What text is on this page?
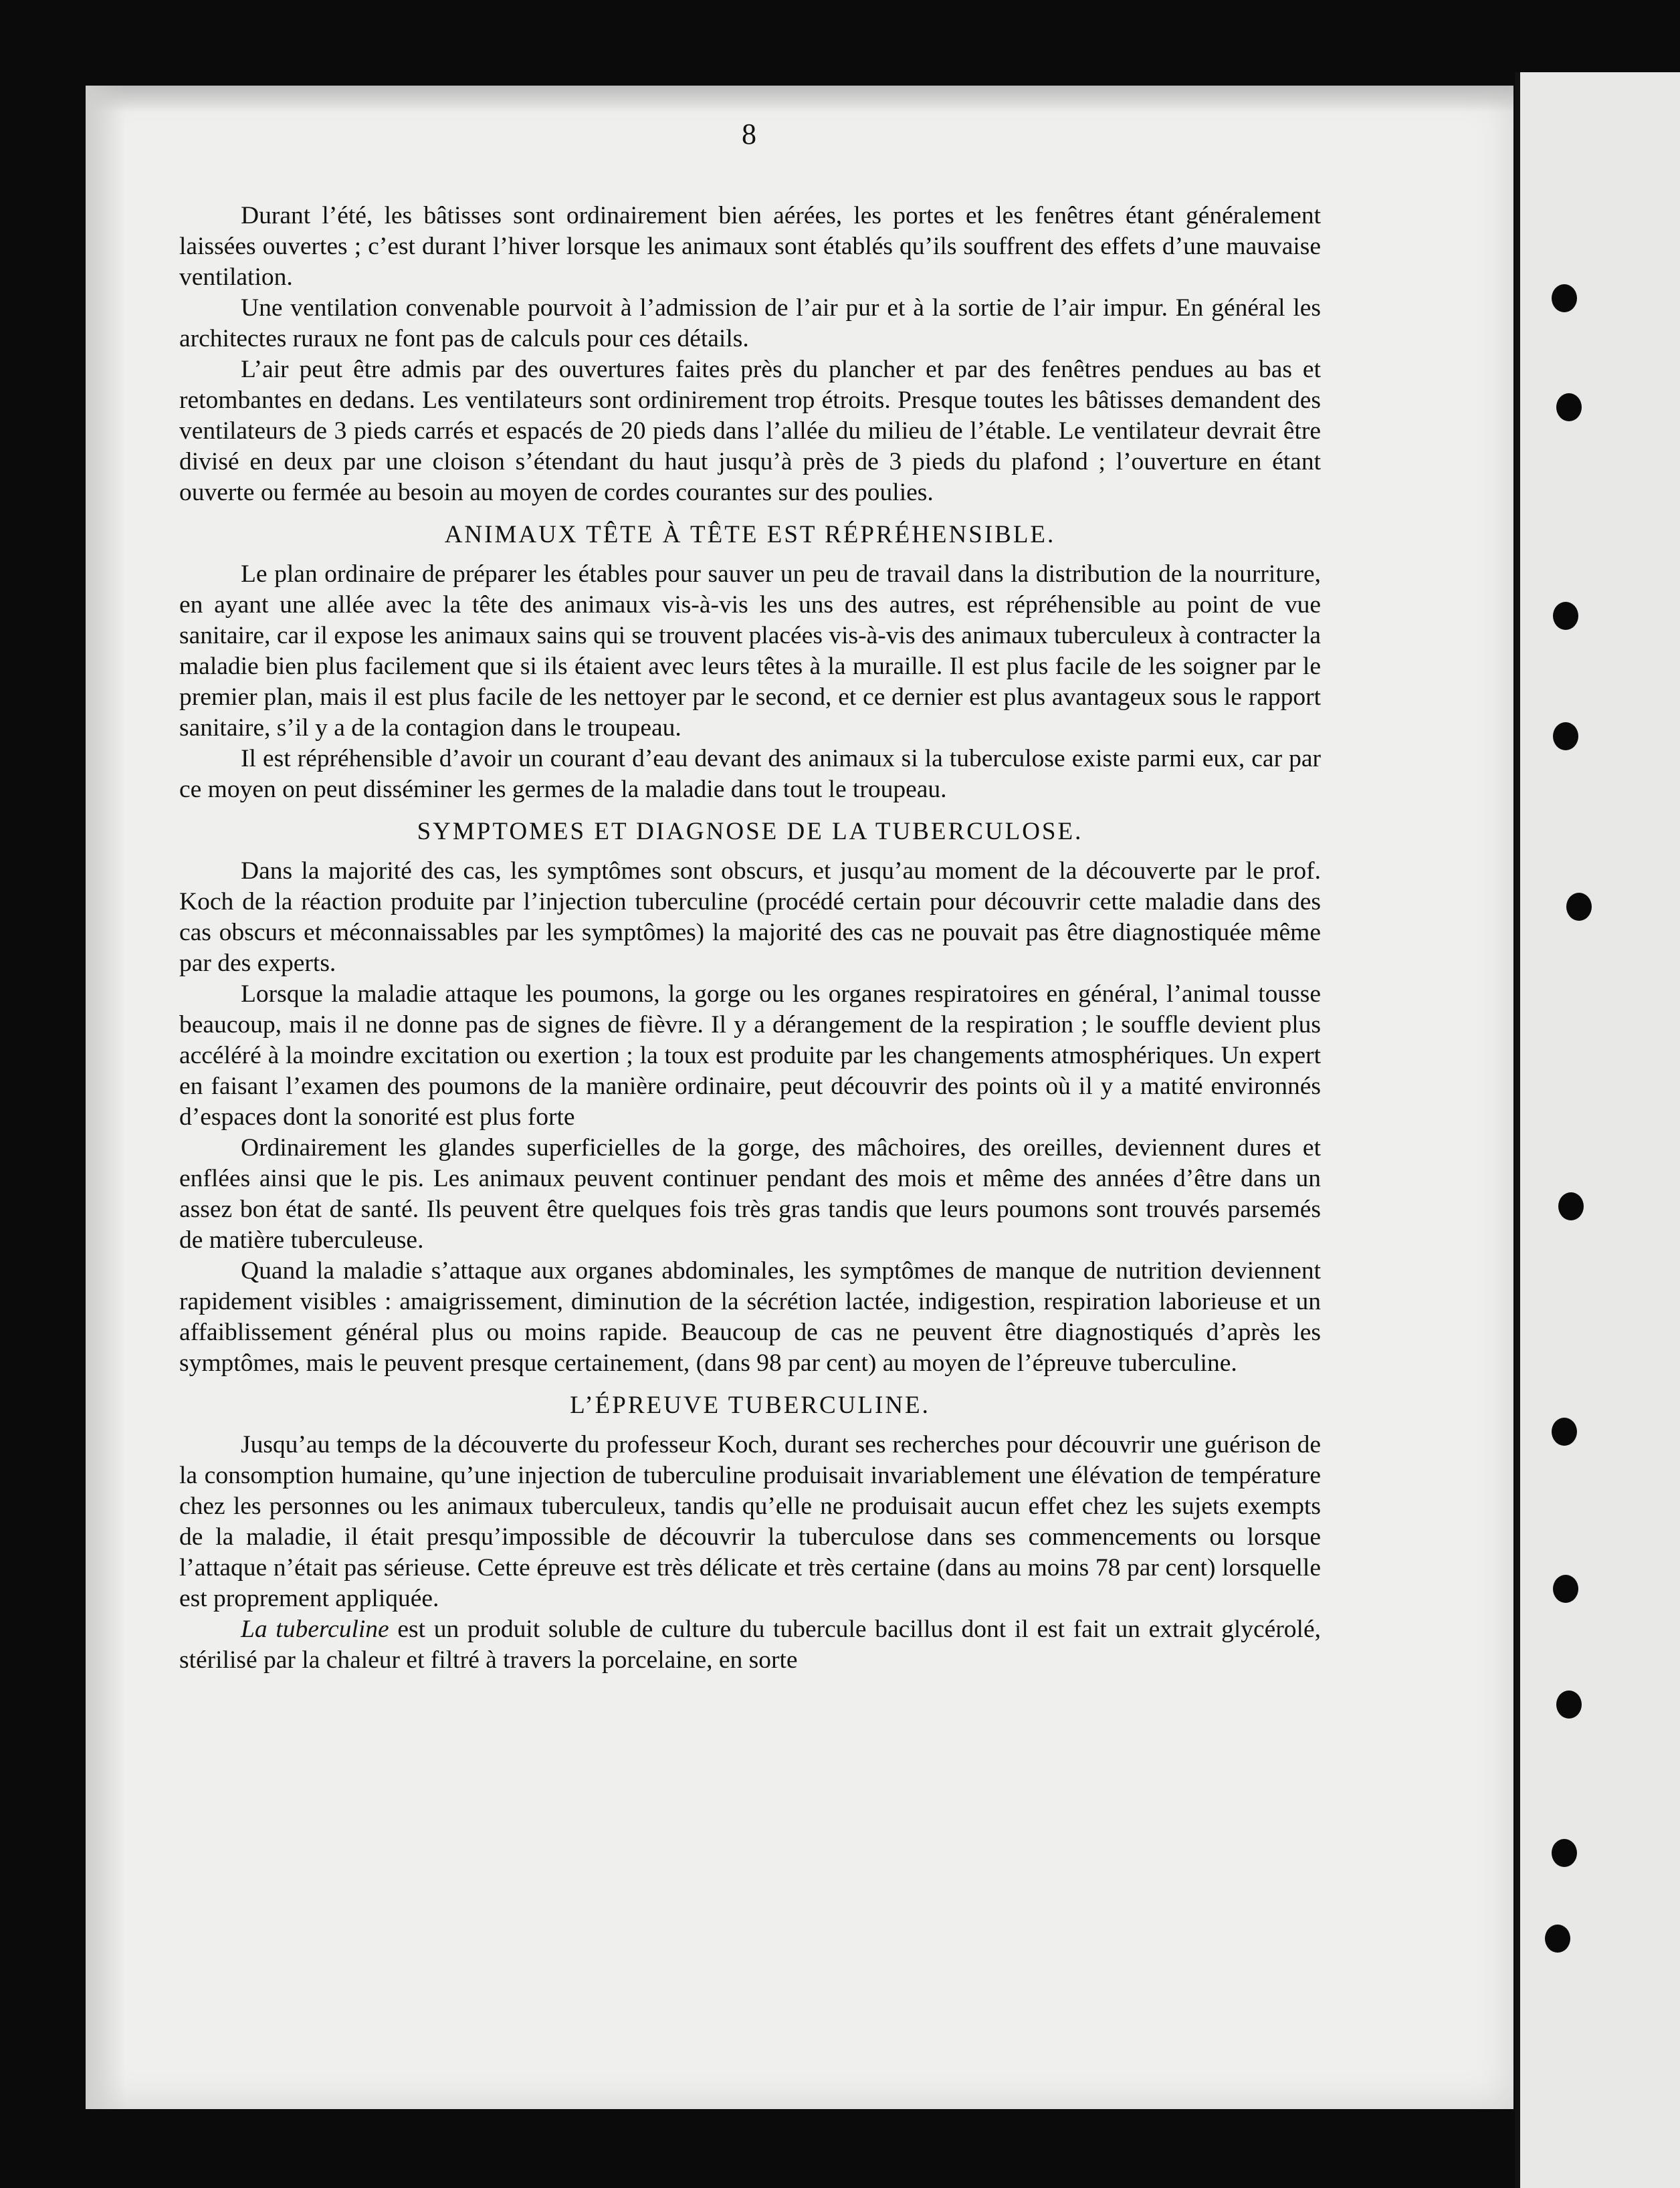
8

Durant l’été, les bâtisses sont ordinairement bien aérées, les portes et les fenêtres étant généralement laissées ouvertes ; c’est durant l’hiver lorsque les animaux sont établés qu’ils souffrent des effets d’une mauvaise ventilation.

Une ventilation convenable pourvoit à l’admission de l’air pur et à la sortie de l’air impur. En général les architectes ruraux ne font pas de calculs pour ces détails.

L’air peut être admis par des ouvertures faites près du plancher et par des fenêtres pendues au bas et retombantes en dedans. Les ventilateurs sont ordinirement trop étroits. Presque toutes les bâtisses demandent des ventilateurs de 3 pieds carrés et espacés de 20 pieds dans l’allée du milieu de l’étable. Le ventilateur devrait être divisé en deux par une cloison s’étendant du haut jusqu’à près de 3 pieds du plafond ; l’ouverture en étant ouverte ou fermée au besoin au moyen de cordes courantes sur des poulies.

ANIMAUX TÊTE À TÊTE EST RÉPRÉHENSIBLE.

Le plan ordinaire de préparer les étables pour sauver un peu de travail dans la distribution de la nourriture, en ayant une allée avec la tête des animaux vis-à-vis les uns des autres, est répréhensible au point de vue sanitaire, car il expose les animaux sains qui se trouvent placées vis-à-vis des animaux tuberculeux à contracter la maladie bien plus facilement que si ils étaient avec leurs têtes à la muraille. Il est plus facile de les soigner par le premier plan, mais il est plus facile de les nettoyer par le second, et ce dernier est plus avantageux sous le rapport sanitaire, s’il y a de la contagion dans le troupeau.

Il est répréhensible d’avoir un courant d’eau devant des animaux si la tuberculose existe parmi eux, car par ce moyen on peut disséminer les germes de la maladie dans tout le troupeau.

SYMPTOMES ET DIAGNOSE DE LA TUBERCULOSE.

Dans la majorité des cas, les symptômes sont obscurs, et jusqu’au moment de la découverte par le prof. Koch de la réaction produite par l’injection tuberculine (procédé certain pour découvrir cette maladie dans des cas obscurs et méconnaissables par les symptômes) la majorité des cas ne pouvait pas être diagnostiquée même par des experts.

Lorsque la maladie attaque les poumons, la gorge ou les organes respiratoires en général, l’animal tousse beaucoup, mais il ne donne pas de signes de fièvre. Il y a dérangement de la respiration ; le souffle devient plus accéléré à la moindre excitation ou exertion ; la toux est produite par les changements atmosphériques. Un expert en faisant l’examen des poumons de la manière ordinaire, peut découvrir des points où il y a matité environnés d’espaces dont la sonorité est plus forte

Ordinairement les glandes superficielles de la gorge, des mâchoires, des oreilles, deviennent dures et enflées ainsi que le pis. Les animaux peuvent continuer pendant des mois et même des années d’être dans un assez bon état de santé. Ils peuvent être quelques fois très gras tandis que leurs poumons sont trouvés parsemés de matière tuberculeuse.

Quand la maladie s’attaque aux organes abdominales, les symptômes de manque de nutrition deviennent rapidement visibles : amaigrissement, diminution de la sécrétion lactée, indigestion, respiration laborieuse et un affaiblissement général plus ou moins rapide. Beaucoup de cas ne peuvent être diagnostiqués d’après les symptômes, mais le peuvent presque certainement, (dans 98 par cent) au moyen de l’épreuve tuberculine.

L’ÉPREUVE TUBERCULINE.

Jusqu’au temps de la découverte du professeur Koch, durant ses recherches pour découvrir une guérison de la consomption humaine, qu’une injection de tuberculine produisait invariablement une élévation de température chez les personnes ou les animaux tuberculeux, tandis qu’elle ne produisait aucun effet chez les sujets exempts de la maladie, il était presqu’impossible de découvrir la tuberculose dans ses commencements ou lorsque l’attaque n’était pas sérieuse. Cette épreuve est très délicate et très certaine (dans au moins 78 par cent) lorsquelle est proprement appliquée.

La tuberculine est un produit soluble de culture du tubercule bacillus dont il est fait un extrait glycérolé, stérilisé par la chaleur et filtré à travers la porcelaine, en sorte
